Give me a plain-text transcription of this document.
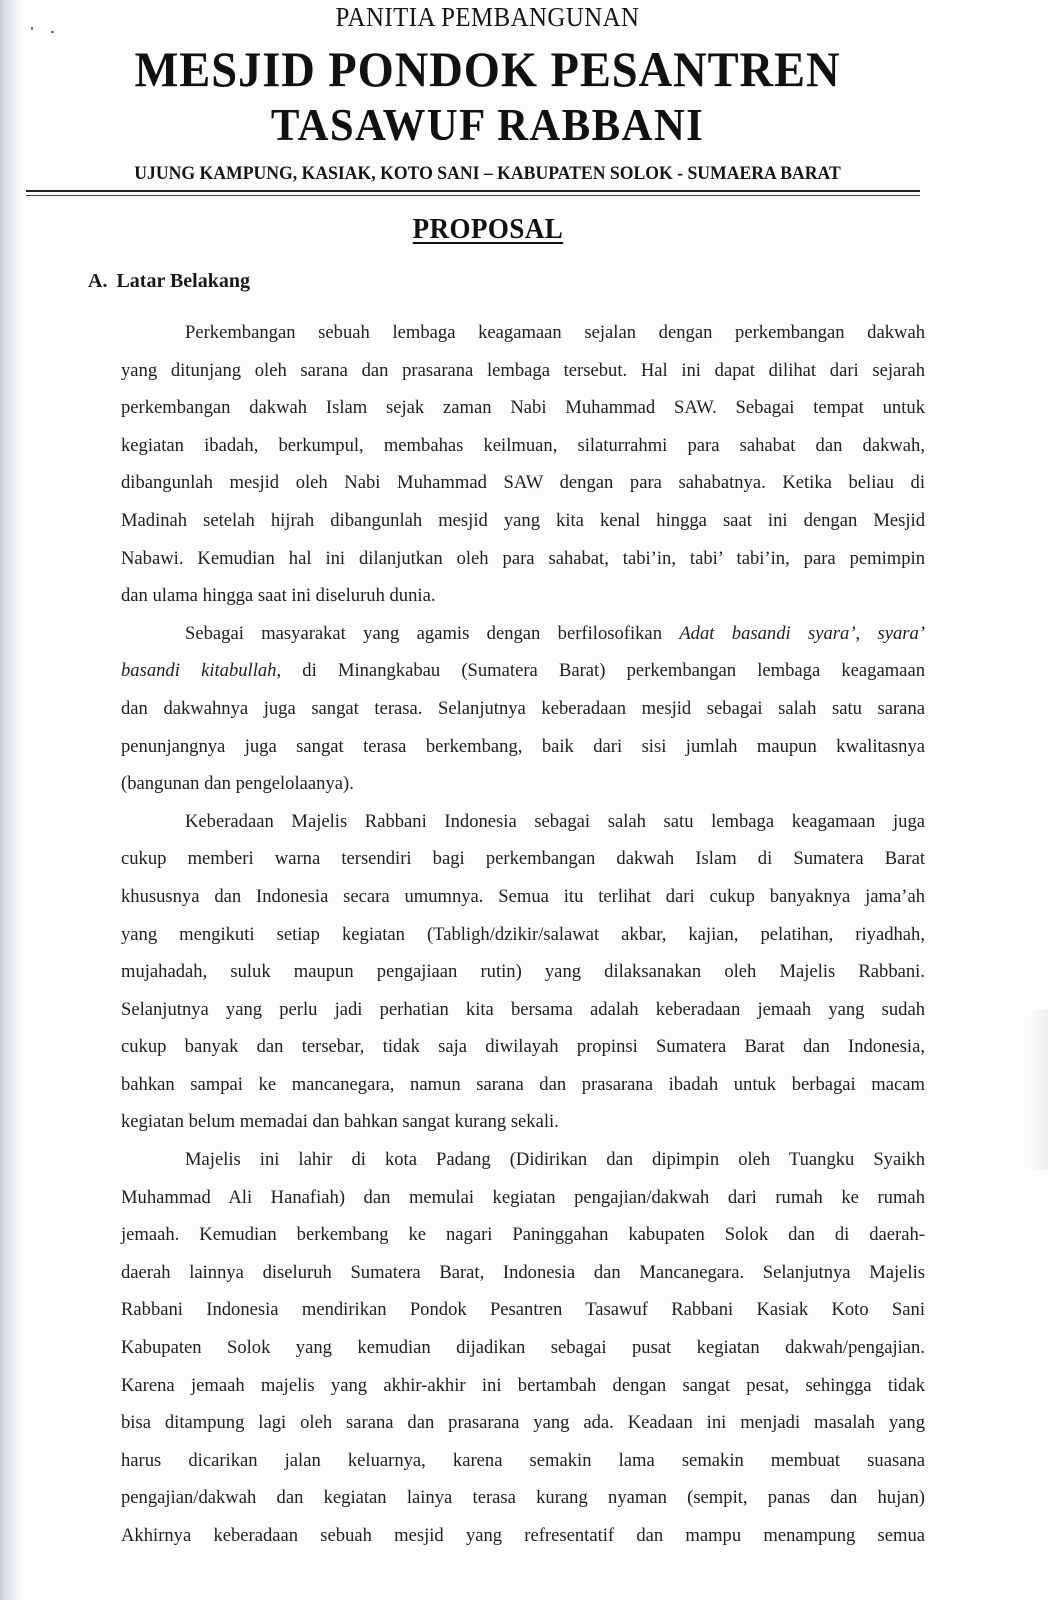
PANITIA PEMBANGUNAN
MESJID PONDOK PESANTREN
TASAWUF RABBANI
UJUNG KAMPUNG, KASIAK, KOTO SANI – KABUPATEN SOLOK - SUMAERA BARAT
PROPOSAL
A. Latar Belakang
Perkembangan sebuah lembaga keagamaan sejalan dengan perkembangan dakwah
yang ditunjang oleh sarana dan prasarana lembaga tersebut. Hal ini dapat dilihat dari sejarah
perkembangan dakwah Islam sejak zaman Nabi Muhammad SAW. Sebagai tempat untuk
kegiatan ibadah, berkumpul, membahas keilmuan, silaturrahmi para sahabat dan dakwah,
dibangunlah mesjid oleh Nabi Muhammad SAW dengan para sahabatnya. Ketika beliau di
Madinah setelah hijrah dibangunlah mesjid yang kita kenal hingga saat ini dengan Mesjid
Nabawi. Kemudian hal ini dilanjutkan oleh para sahabat, tabi’in, tabi’ tabi’in, para pemimpin
dan ulama hingga saat ini diseluruh dunia.
Sebagai masyarakat yang agamis dengan berfilosofikan Adat basandi syara’, syara’
basandi kitabullah, di Minangkabau (Sumatera Barat) perkembangan lembaga keagamaan
dan dakwahnya juga sangat terasa. Selanjutnya keberadaan mesjid sebagai salah satu sarana
penunjangnya juga sangat terasa berkembang, baik dari sisi jumlah maupun kwalitasnya
(bangunan dan pengelolaanya).
Keberadaan Majelis Rabbani Indonesia sebagai salah satu lembaga keagamaan juga
cukup memberi warna tersendiri bagi perkembangan dakwah Islam di Sumatera Barat
khususnya dan Indonesia secara umumnya. Semua itu terlihat dari cukup banyaknya jama’ah
yang mengikuti setiap kegiatan (Tabligh/dzikir/salawat akbar, kajian, pelatihan, riyadhah,
mujahadah, suluk maupun pengajiaan rutin) yang dilaksanakan oleh Majelis Rabbani.
Selanjutnya yang perlu jadi perhatian kita bersama adalah keberadaan jemaah yang sudah
cukup banyak dan tersebar, tidak saja diwilayah propinsi Sumatera Barat dan Indonesia,
bahkan sampai ke mancanegara, namun sarana dan prasarana ibadah untuk berbagai macam
kegiatan belum memadai dan bahkan sangat kurang sekali.
Majelis ini lahir di kota Padang (Didirikan dan dipimpin oleh Tuangku Syaikh
Muhammad Ali Hanafiah) dan memulai kegiatan pengajian/dakwah dari rumah ke rumah
jemaah. Kemudian berkembang ke nagari Paninggahan kabupaten Solok dan di daerah-
daerah lainnya diseluruh Sumatera Barat, Indonesia dan Mancanegara. Selanjutnya Majelis
Rabbani Indonesia mendirikan Pondok Pesantren Tasawuf Rabbani Kasiak Koto Sani
Kabupaten Solok yang kemudian dijadikan sebagai pusat kegiatan dakwah/pengajian.
Karena jemaah majelis yang akhir-akhir ini bertambah dengan sangat pesat, sehingga tidak
bisa ditampung lagi oleh sarana dan prasarana yang ada. Keadaan ini menjadi masalah yang
harus dicarikan jalan keluarnya, karena semakin lama semakin membuat suasana
pengajian/dakwah dan kegiatan lainya terasa kurang nyaman (sempit, panas dan hujan)
Akhirnya keberadaan sebuah mesjid yang refresentatif dan mampu menampung semua
